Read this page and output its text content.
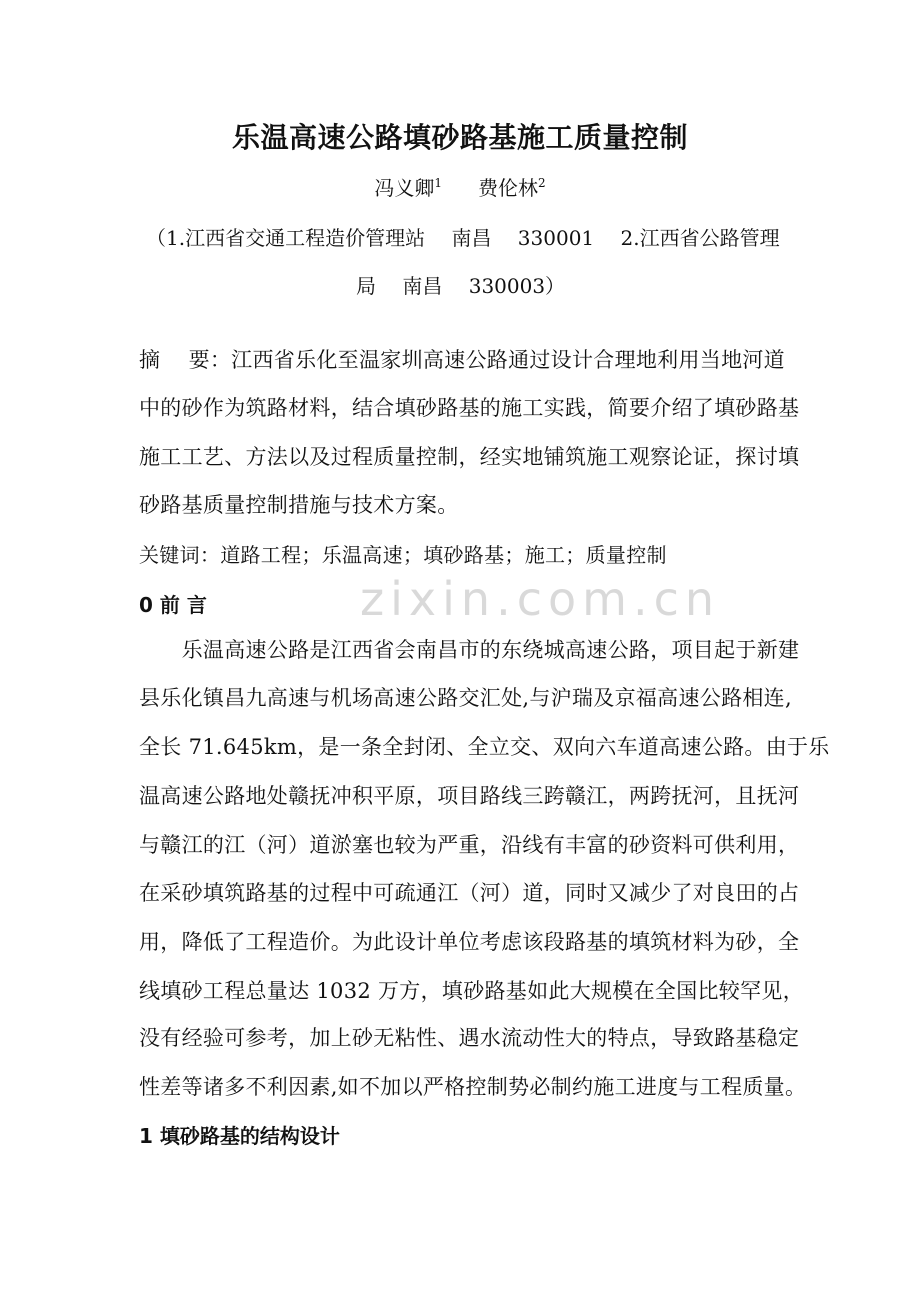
zixin.com.cn
乐温高速公路填砂路基施工质量控制
冯义卿$^1$ 费伦林$^2$
（1.江西省交通工程造价管理站　 南昌　 330001　 2.江西省公路管理
局　 南昌　 330003）
摘　 要：江西省乐化至温家圳高速公路通过设计合理地利用当地河道
中的砂作为筑路材料，结合填砂路基的施工实践，简要介绍了填砂路基
施工工艺、方法以及过程质量控制，经实地铺筑施工观察论证，探讨填
砂路基质量控制措施与技术方案。
关键词：道路工程；乐温高速；填砂路基；施工；质量控制
0 前 言
　　乐温高速公路是江西省会南昌市的东绕城高速公路，项目起于新建
县乐化镇昌九高速与机场高速公路交汇处,与沪瑞及京福高速公路相连,
全长 71.645km，是一条全封闭、全立交、双向六车道高速公路。由于乐
温高速公路地处赣抚冲积平原，项目路线三跨赣江，两跨抚河，且抚河
与赣江的江（河）道淤塞也较为严重，沿线有丰富的砂资料可供利用，
在采砂填筑路基的过程中可疏通江（河）道，同时又减少了对良田的占
用，降低了工程造价。为此设计单位考虑该段路基的填筑材料为砂，全
线填砂工程总量达 1032 万方，填砂路基如此大规模在全国比较罕见，
没有经验可参考，加上砂无粘性、遇水流动性大的特点，导致路基稳定
性差等诸多不利因素,如不加以严格控制势必制约施工进度与工程质量。
1 填砂路基的结构设计
